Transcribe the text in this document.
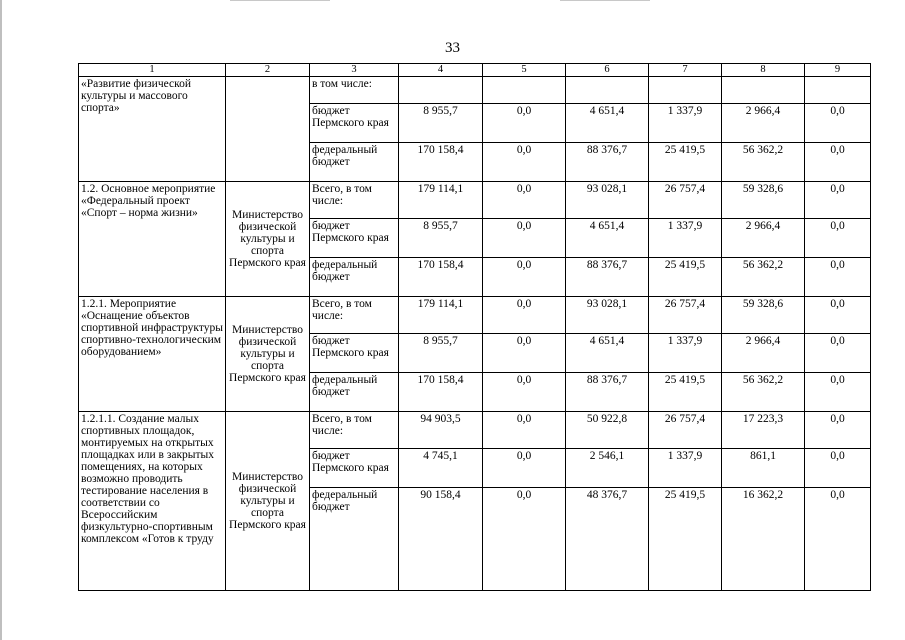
33
1	2	3	4	5	6	7	8	9
«Развитие физической культуры и массового спорта»		в том числе:						
		бюджет Пермского края	8 955,7	0,0	4 651,4	1 337,9	2 966,4	0,0
		федеральный бюджет	170 158,4	0,0	88 376,7	25 419,5	56 362,2	0,0
1.2. Основное мероприятие «Федеральный проект «Спорт – норма жизни»	Министерство физической культуры и спорта Пермского края	Всего, в том числе:	179 114,1	0,0	93 028,1	26 757,4	59 328,6	0,0
		бюджет Пермского края	8 955,7	0,0	4 651,4	1 337,9	2 966,4	0,0
		федеральный бюджет	170 158,4	0,0	88 376,7	25 419,5	56 362,2	0,0
1.2.1. Мероприятие «Оснащение объектов спортивной инфраструктуры спортивно-технологическим оборудованием»	Министерство физической культуры и спорта Пермского края	Всего, в том числе:	179 114,1	0,0	93 028,1	26 757,4	59 328,6	0,0
		бюджет Пермского края	8 955,7	0,0	4 651,4	1 337,9	2 966,4	0,0
		федеральный бюджет	170 158,4	0,0	88 376,7	25 419,5	56 362,2	0,0
1.2.1.1. Создание малых спортивных площадок, монтируемых на открытых площадках или в закрытых помещениях, на которых возможно проводить тестирование населения в соответствии со Всероссийским физкультурно-спортивным комплексом «Готов к труду	Министерство физической культуры и спорта Пермского края	Всего, в том числе:	94 903,5	0,0	50 922,8	26 757,4	17 223,3	0,0
		бюджет Пермского края	4 745,1	0,0	2 546,1	1 337,9	861,1	0,0
		федеральный бюджет	90 158,4	0,0	48 376,7	25 419,5	16 362,2	0,0
